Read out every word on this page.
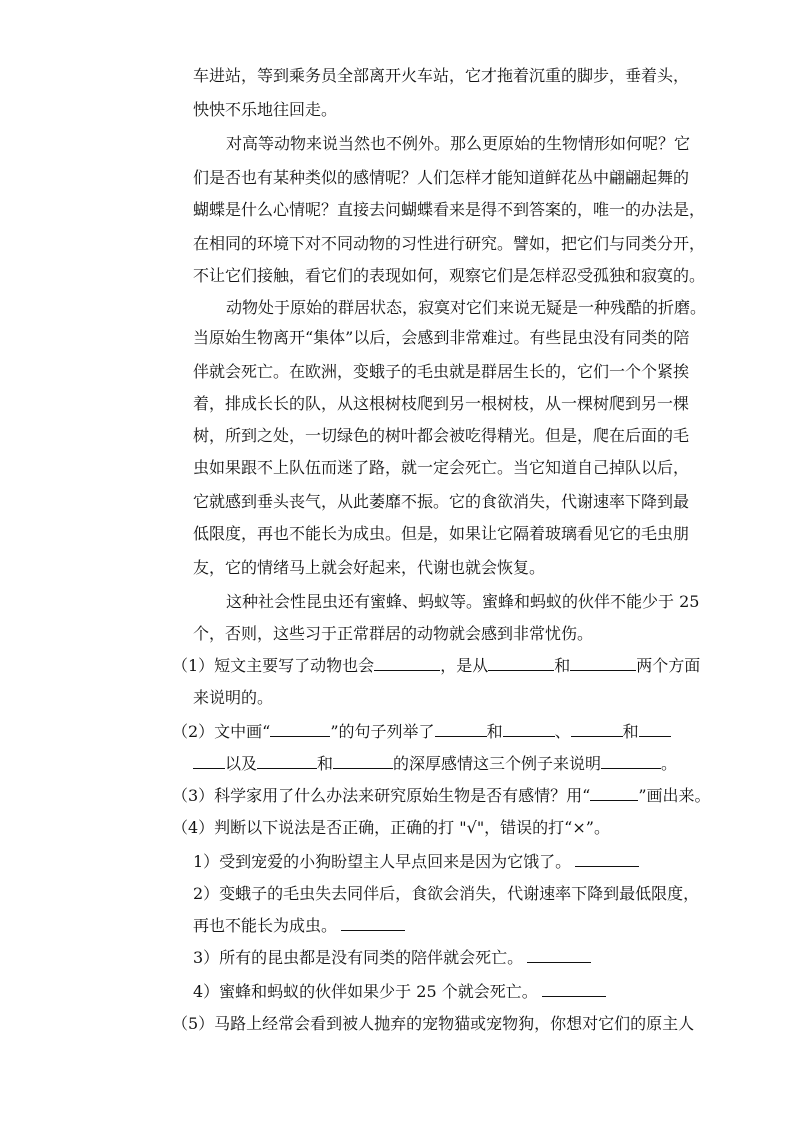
车进站，等到乘务员全部离开火车站，它才拖着沉重的脚步，垂着头，
怏怏不乐地往回走。
对高等动物来说当然也不例外。那么更原始的生物情形如何呢？它
们是否也有某种类似的感情呢？人们怎样才能知道鲜花丛中翩翩起舞的
蝴蝶是什么心情呢？直接去问蝴蝶看来是得不到答案的，唯一的办法是，
在相同的环境下对不同动物的习性进行研究。譬如，把它们与同类分开，
不让它们接触，看它们的表现如何，观察它们是怎样忍受孤独和寂寞的。
动物处于原始的群居状态，寂寞对它们来说无疑是一种残酷的折磨。
当原始生物离开“集体”以后，会感到非常难过。有些昆虫没有同类的陪
伴就会死亡。在欧洲，变蛾子的毛虫就是群居生长的，它们一个个紧挨
着，排成长长的队，从这根树枝爬到另一根树枝，从一棵树爬到另一棵
树，所到之处，一切绿色的树叶都会被吃得精光。但是，爬在后面的毛
虫如果跟不上队伍而迷了路，就一定会死亡。当它知道自己掉队以后，
它就感到垂头丧气，从此萎靡不振。它的食欲消失，代谢速率下降到最
低限度，再也不能长为成虫。但是，如果让它隔着玻璃看见它的毛虫朋
友，它的情绪马上就会好起来，代谢也就会恢复。
这种社会性昆虫还有蜜蜂、蚂蚁等。蜜蜂和蚂蚁的伙伴不能少于 25
个，否则，这些习于正常群居的动物就会感到非常忧伤。
（1）短文主要写了动物也会	，是从	和	两个方面
来说明的。
（2）文中画“	”的句子列举了	和	、	和
以及	和	的深厚感情这三个例子来说明	。
（3）科学家用了什么办法来研究原始生物是否有感情？用“	”画出来。
（4）判断以下说法是否正确，正确的打 "√"，错误的打“×”。
1）受到宠爱的小狗盼望主人早点回来是因为它饿了。
2）变蛾子的毛虫失去同伴后，食欲会消失，代谢速率下降到最低限度，
再也不能长为成虫。
3）所有的昆虫都是没有同类的陪伴就会死亡。
4）蜜蜂和蚂蚁的伙伴如果少于 25 个就会死亡。
（5）马路上经常会看到被人抛弃的宠物猫或宠物狗，你想对它们的原主人
